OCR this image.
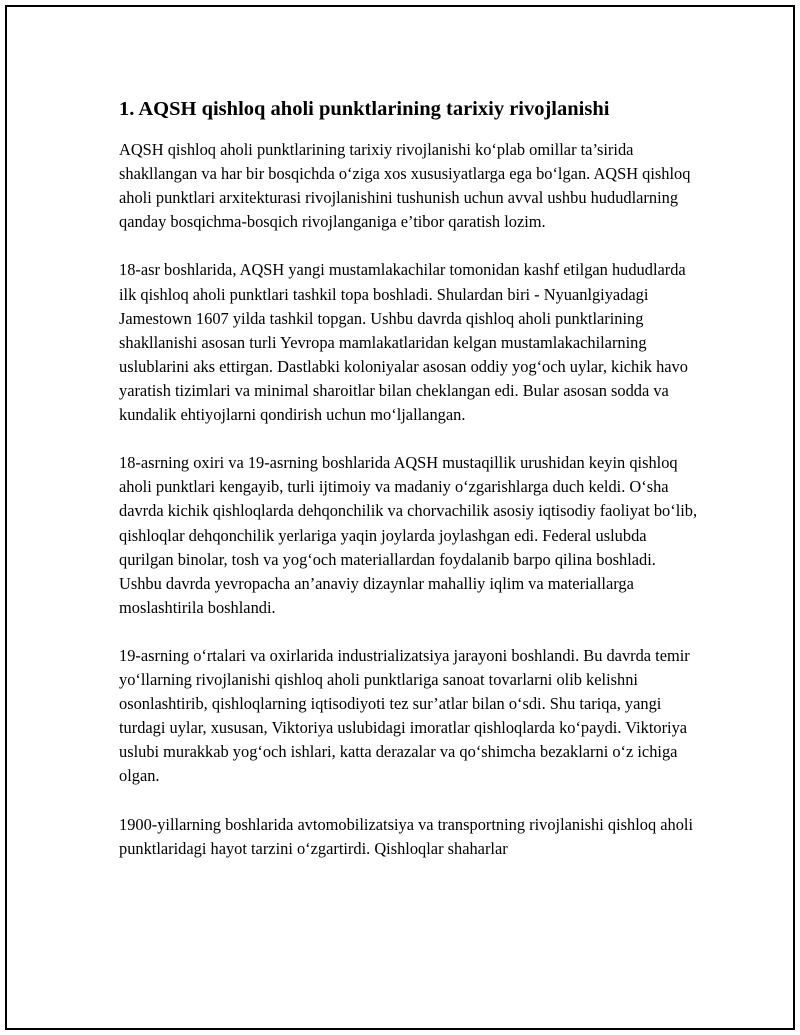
1. AQSH qishloq aholi punktlarining tarixiy rivojlanishi

AQSH qishloq aholi punktlarining tarixiy rivojlanishi ko‘plab omillar ta’sirida shakllangan va har bir bosqichda o‘ziga xos xususiyatlarga ega bo‘lgan. AQSH qishloq aholi punktlari arxitekturasi rivojlanishini tushunish uchun avval ushbu hududlarning qanday bosqichma-bosqich rivojlanganiga e’tibor qaratish lozim.

18-asr boshlarida, AQSH yangi mustamlakachilar tomonidan kashf etilgan hududlarda ilk qishloq aholi punktlari tashkil topa boshladi. Shulardan biri - Nyuanlgiyadagi Jamestown 1607 yilda tashkil topgan. Ushbu davrda qishloq aholi punktlarining shakllanishi asosan turli Yevropa mamlakatlaridan kelgan mustamlakachilarning uslublarini aks ettirgan. Dastlabki koloniyalar asosan oddiy yog‘och uylar, kichik havo yaratish tizimlari va minimal sharoitlar bilan cheklangan edi. Bular asosan sodda va kundalik ehtiyojlarni qondirish uchun mo‘ljallangan.

18-asrning oxiri va 19-asrning boshlarida AQSH mustaqillik urushidan keyin qishloq aholi punktlari kengayib, turli ijtimoiy va madaniy o‘zgarishlarga duch keldi. O‘sha davrda kichik qishloqlarda dehqonchilik va chorvachilik asosiy iqtisodiy faoliyat bo‘lib, qishloqlar dehqonchilik yerlariga yaqin joylarda joylashgan edi. Federal uslubda qurilgan binolar, tosh va yog‘och materiallardan foydalanib barpo qilina boshladi. Ushbu davrda yevropacha an’anaviy dizaynlar mahalliy iqlim va materiallarga moslashtirila boshlandi.

19-asrning o‘rtalari va oxirlarida industrializatsiya jarayoni boshlandi. Bu davrda temir yo‘llarning rivojlanishi qishloq aholi punktlariga sanoat tovarlarni olib kelishni osonlashtirib, qishloqlarning iqtisodiyoti tez sur’atlar bilan o‘sdi. Shu tariqa, yangi turdagi uylar, xususan, Viktoriya uslubidagi imoratlar qishloqlarda ko‘paydi. Viktoriya uslubi murakkab yog‘och ishlari, katta derazalar va qo‘shimcha bezaklarni o‘z ichiga olgan.

1900-yillarning boshlarida avtomobilizatsiya va transportning rivojlanishi qishloq aholi punktlaridagi hayot tarzini o‘zgartirdi. Qishloqlar shaharlar
